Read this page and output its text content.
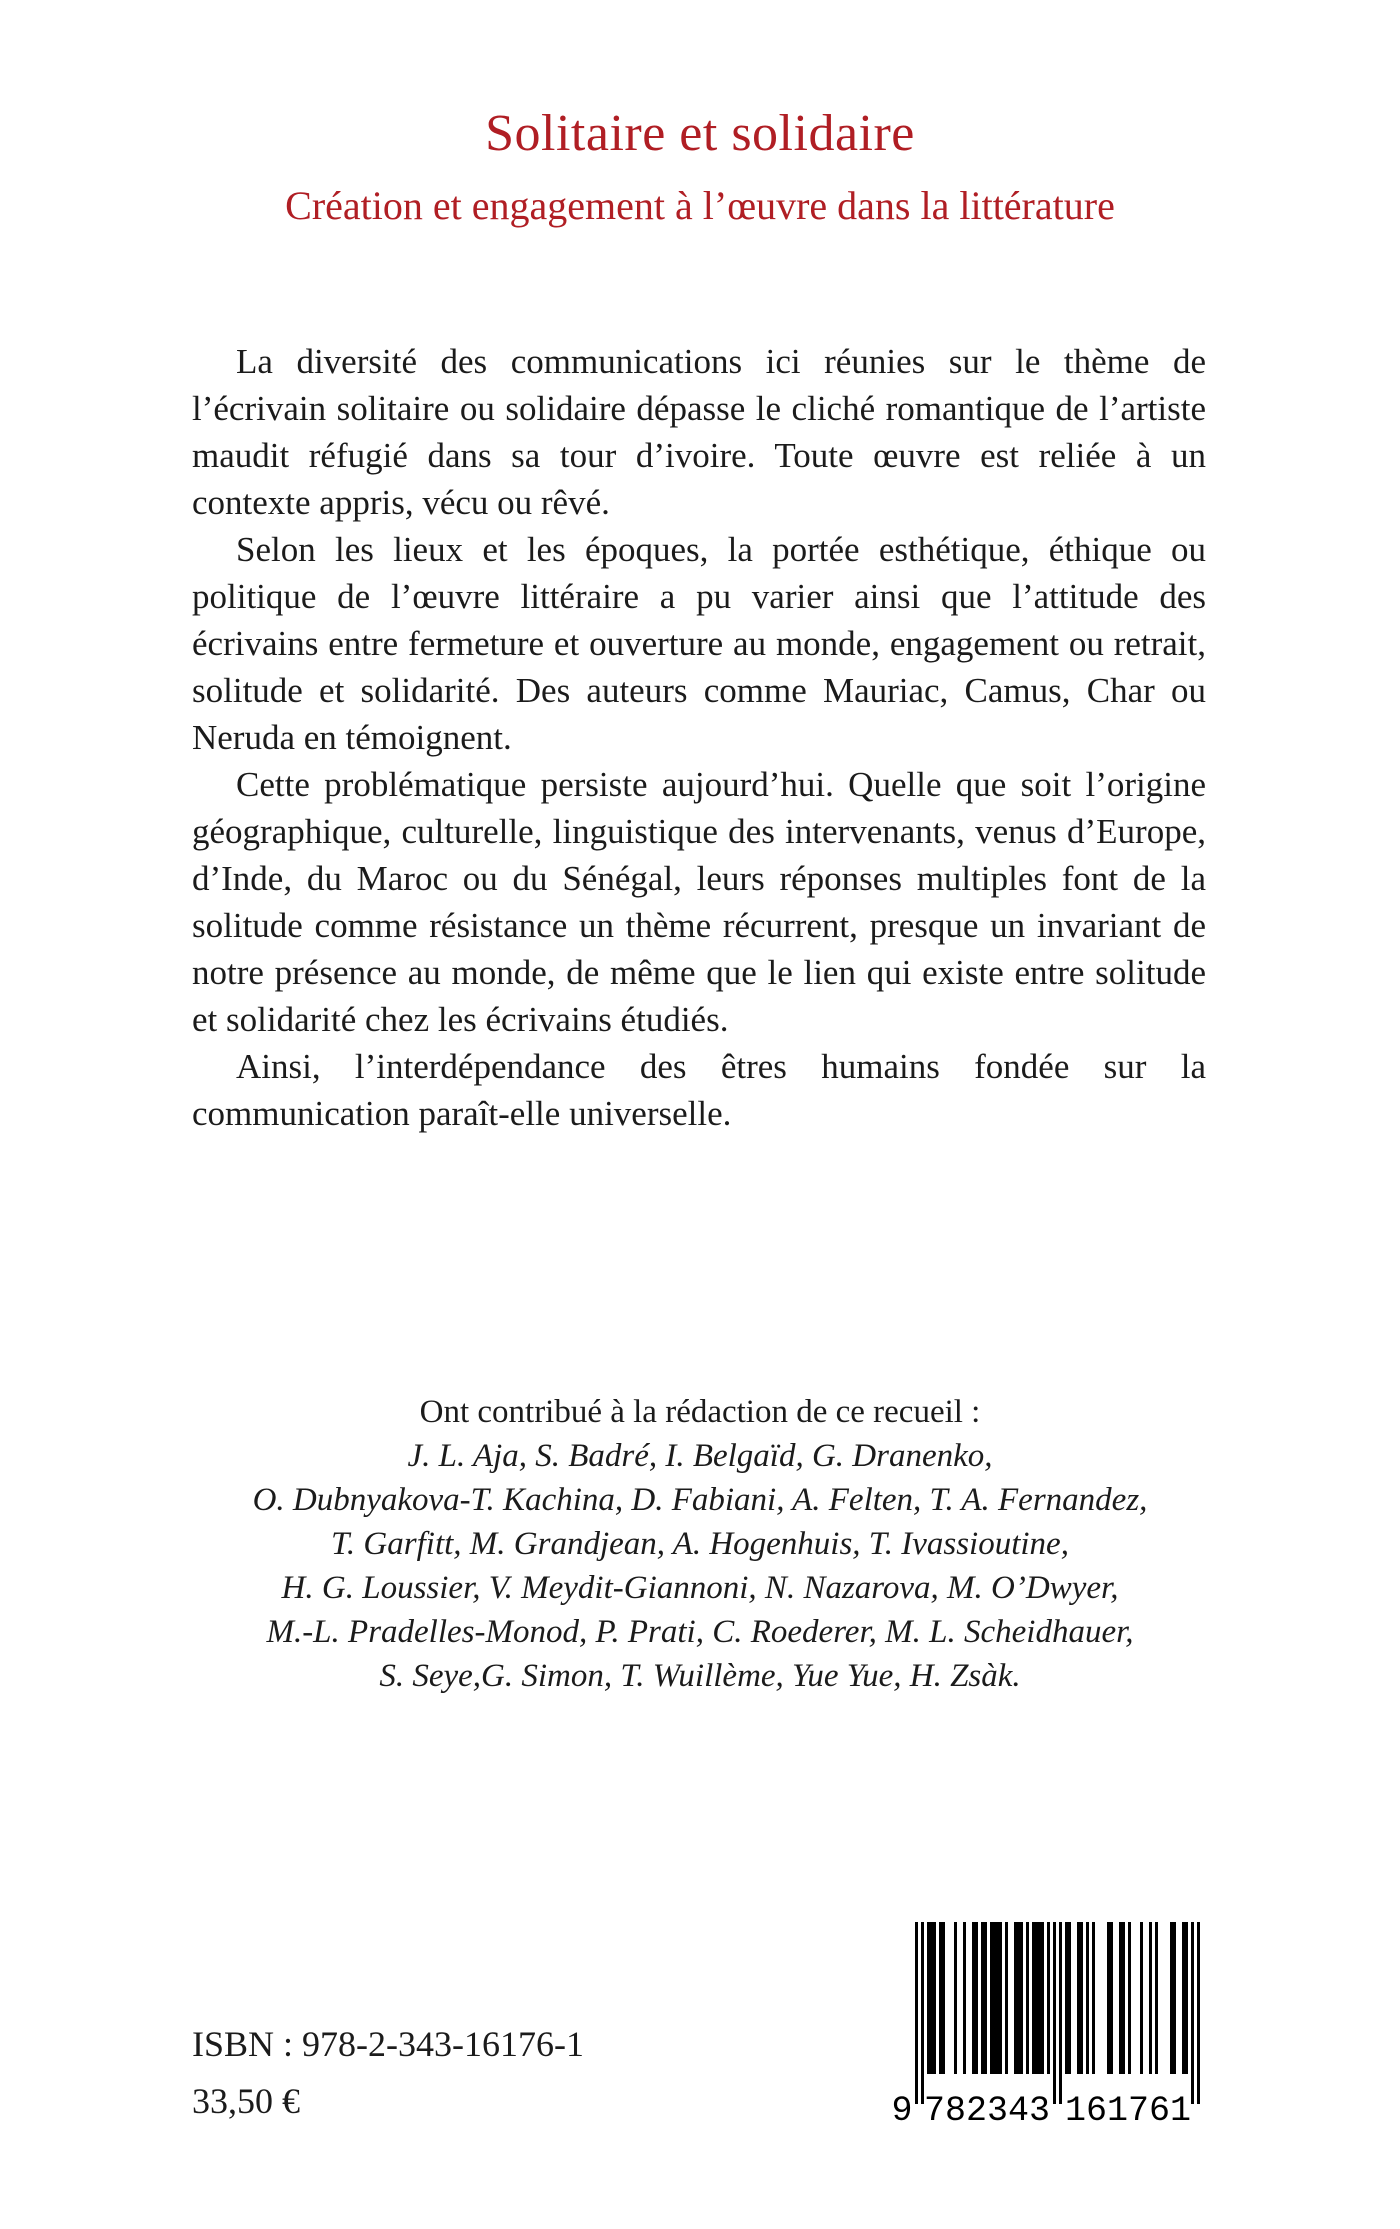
Solitaire et solidaire
Création et engagement à l’œuvre dans la littérature

La diversité des communications ici réunies sur le thème de l’écrivain solitaire ou solidaire dépasse le cliché romantique de l’artiste maudit réfugié dans sa tour d’ivoire. Toute œuvre est reliée à un contexte appris, vécu ou rêvé.

Selon les lieux et les époques, la portée esthétique, éthique ou politique de l’œuvre littéraire a pu varier ainsi que l’attitude des écrivains entre fermeture et ouverture au monde, engagement ou retrait, solitude et solidarité. Des auteurs comme Mauriac, Camus, Char ou Neruda en témoignent.

Cette problématique persiste aujourd’hui. Quelle que soit l’origine géographique, culturelle, linguistique des intervenants, venus d’Europe, d’Inde, du Maroc ou du Sénégal, leurs réponses multiples font de la solitude comme résistance un thème récurrent, presque un invariant de notre présence au monde, de même que le lien qui existe entre solitude et solidarité chez les écrivains étudiés.

Ainsi, l’interdépendance des êtres humains fondée sur la communication paraît-elle universelle.

Ont contribué à la rédaction de ce recueil :
J. L. Aja, S. Badré, I. Belgaïd, G. Dranenko,
O. Dubnyakova-T. Kachina, D. Fabiani, A. Felten, T. A. Fernandez,
T. Garfitt, M. Grandjean, A. Hogenhuis, T. Ivassioutine,
H. G. Loussier, V. Meydit-Giannoni, N. Nazarova, M. O’Dwyer,
M.-L. Pradelles-Monod, P. Prati, C. Roederer, M. L. Scheidhauer,
S. Seye,G. Simon, T. Wuillème, Yue Yue, H. Zsàk.
ISBN : 978-2-343-16176-1
33,50 €	9 782343 161761
